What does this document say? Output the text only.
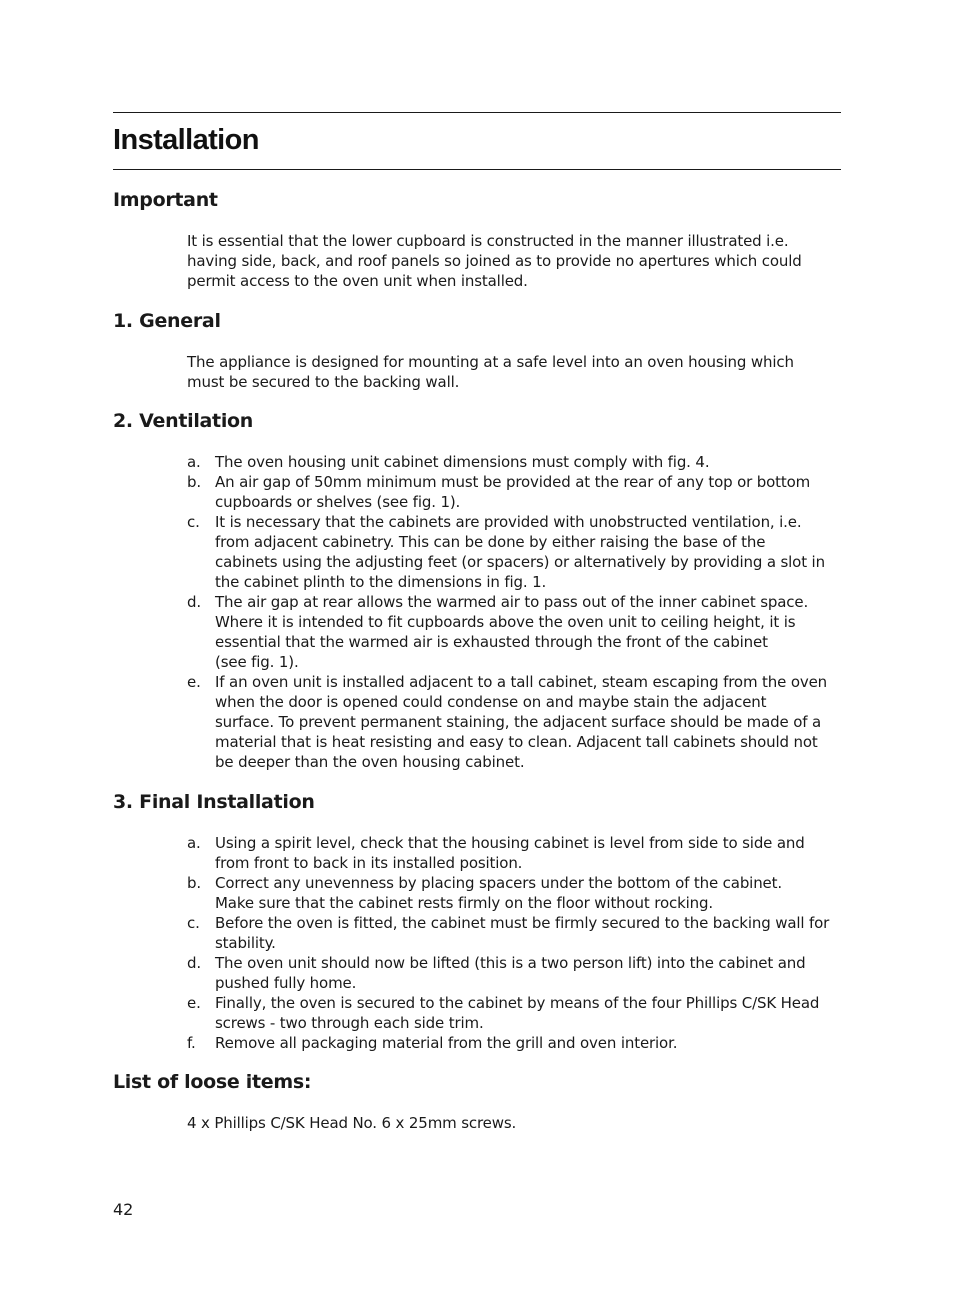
Installation
Important

It is essential that the lower cupboard is constructed in the manner illustrated i.e.
having side, back, and roof panels so joined as to provide no apertures which could
permit access to the oven unit when installed.

1. General

The appliance is designed for mounting at a safe level into an oven housing which
must be secured to the backing wall.

2. Ventilation
a. The oven housing unit cabinet dimensions must comply with fig. 4.
b. An air gap of 50mm minimum must be provided at the rear of any top or bottom
cupboards or shelves (see fig. 1).
c. It is necessary that the cabinets are provided with unobstructed ventilation, i.e.
from adjacent cabinetry. This can be done by either raising the base of the
cabinets using the adjusting feet (or spacers) or alternatively by providing a slot in
the cabinet plinth to the dimensions in fig. 1.
d. The air gap at rear allows the warmed air to pass out of the inner cabinet space.
Where it is intended to fit cupboards above the oven unit to ceiling height, it is
essential that the warmed air is exhausted through the front of the cabinet
(see fig. 1).
e. If an oven unit is installed adjacent to a tall cabinet, steam escaping from the oven
when the door is opened could condense on and maybe stain the adjacent
surface. To prevent permanent staining, the adjacent surface should be made of a
material that is heat resisting and easy to clean. Adjacent tall cabinets should not
be deeper than the oven housing cabinet.
3. Final Installation
a. Using a spirit level, check that the housing cabinet is level from side to side and
from front to back in its installed position.
b. Correct any unevenness by placing spacers under the bottom of the cabinet.
Make sure that the cabinet rests firmly on the floor without rocking.
c. Before the oven is fitted, the cabinet must be firmly secured to the backing wall for
stability.
d. The oven unit should now be lifted (this is a two person lift) into the cabinet and
pushed fully home.
e. Finally, the oven is secured to the cabinet by means of the four Phillips C/SK Head
screws - two through each side trim.
f. Remove all packaging material from the grill and oven interior.
List of loose items:

4 x Phillips C/SK Head No. 6 x 25mm screws.

42
